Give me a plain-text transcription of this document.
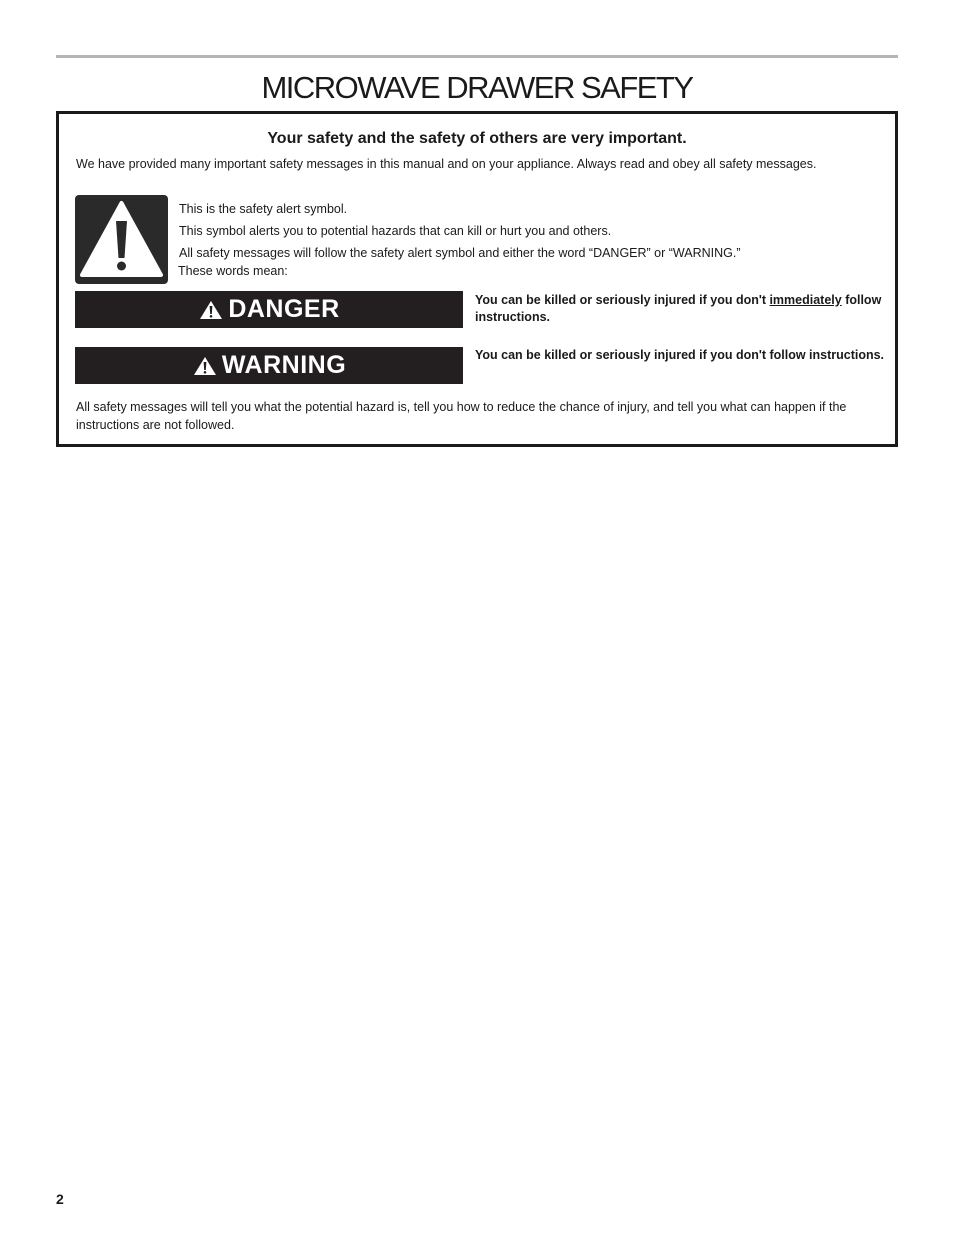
MICROWAVE DRAWER SAFETY

Your safety and the safety of others are very important.

We have provided many important safety messages in this manual and on your appliance. Always read and obey all safety messages.

This is the safety alert symbol.

This symbol alerts you to potential hazards that can kill or hurt you and others.

All safety messages will follow the safety alert symbol and either the word “DANGER” or “WARNING.”

These words mean:

DANGER	You can be killed or seriously injured if you don't immediately follow instructions.

WARNING	You can be killed or seriously injured if you don't follow instructions.

All safety messages will tell you what the potential hazard is, tell you how to reduce the chance of injury, and tell you what can happen if the instructions are not followed.

2
